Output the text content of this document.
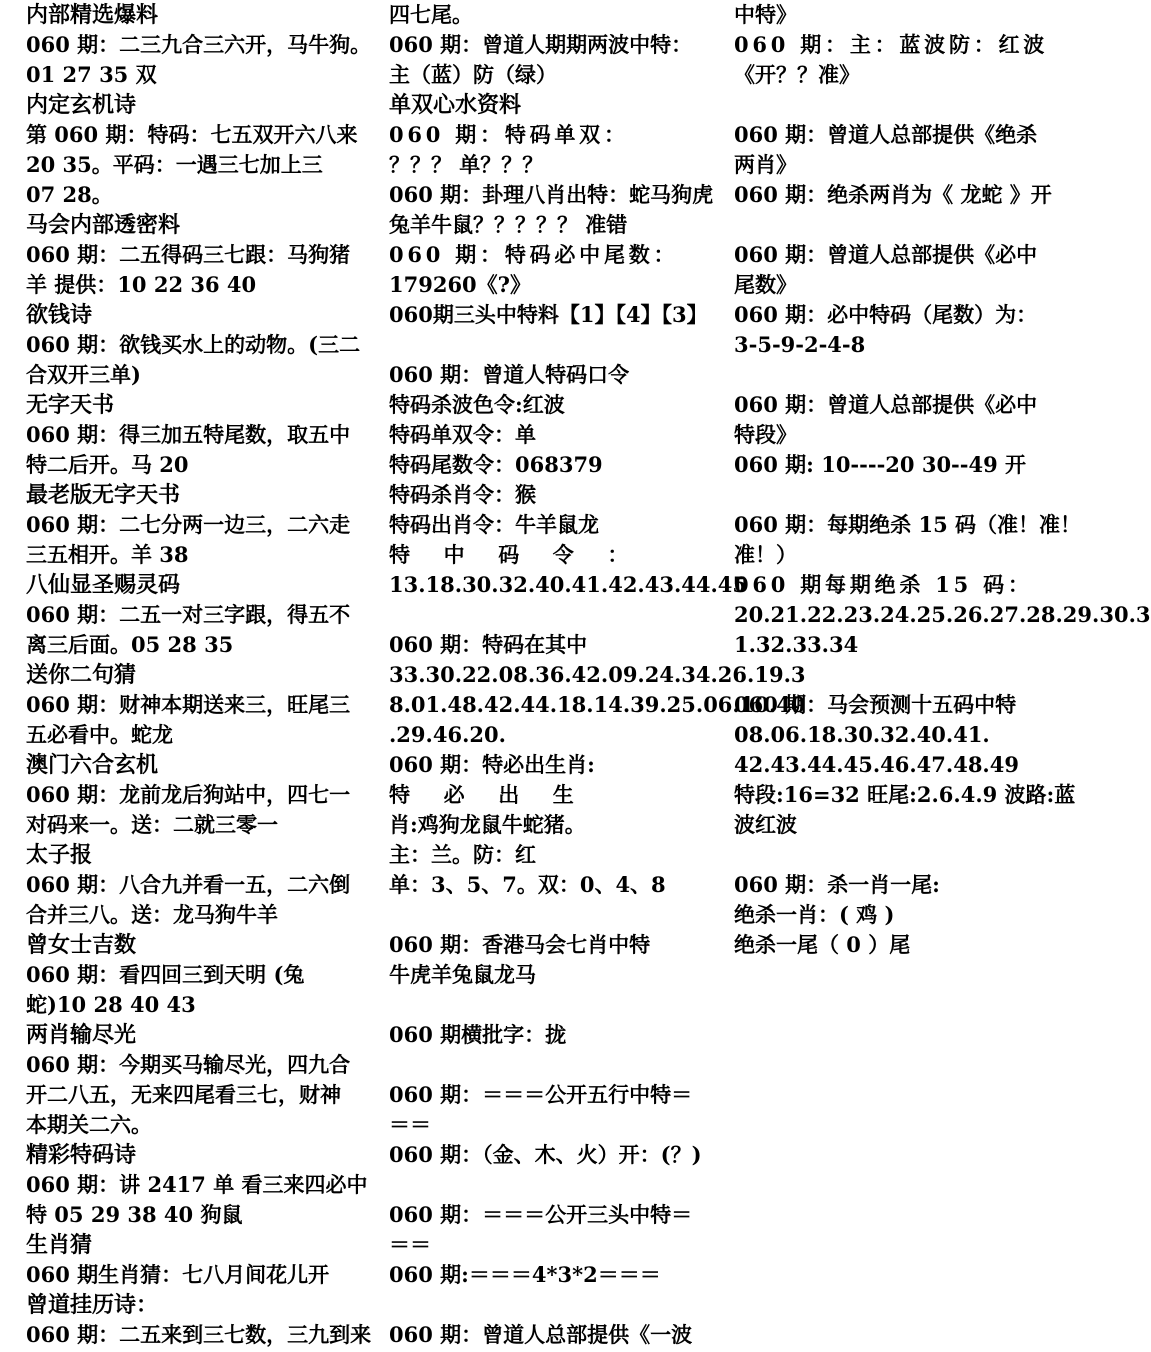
内部精选爆料
060 期：二三九合三六开，马牛狗。
01 27 35 双
内定玄机诗
第 060 期：特码：七五双开六八来
20 35。平码：一遇三七加上三
07 28。
马会内部透密料
060 期：二五得码三七跟：马狗猪
羊 提供：10 22 36 40
欲钱诗
060 期：欲钱买水上的动物。(三二
合双开三单)
无字天书
060 期：得三加五特尾数，取五中
特二后开。马 20
最老版无字天书
060 期：二七分两一边三，二六走
三五相开。羊 38
八仙显圣赐灵码
060 期：二五一对三字跟，得五不
离三后面。05 28 35
送你二句猜
060 期：财神本期送来三，旺尾三
五必看中。蛇龙
澳门六合玄机
060 期：龙前龙后狗站中，四七一
对码来一。送：二就三零一
太子报
060 期：八合九并看一五，二六倒
合并三八。送：龙马狗牛羊
曾女士吉数
060 期：看四回三到天明 (兔
蛇)10 28 40 43
两肖输尽光
060 期：今期买马输尽光，四九合
开二八五，无来四尾看三七，财神
本期关二六。
精彩特码诗
060 期：讲 2417 单 看三来四必中
特 05 29 38 40 狗鼠
生肖猜
060 期生肖猜：七八月间花儿开
曾道挂历诗：
060 期：二五来到三七数，三九到来
四七尾。
060 期：曾道人期期两波中特：
主（蓝）防（绿）
单双心水资料
060 期：特码单双：
？？？ 单？？？
060 期：卦理八肖出特：蛇马狗虎
兔羊牛鼠？？？？？ 准错
060 期：特码必中尾数：
179260《?》
060期三头中特料【1】【4】【3】
060 期：曾道人特码口令
特码杀波色令:红波
特码单双令：单
特码尾数令：068379
特码杀肖令：猴
特码出肖令：牛羊鼠龙
特中码令：
13.18.30.32.40.41.42.43.44.45
060 期：特码在其中
33.30.22.08.36.42.09.24.34.26.19.3
8.01.48.42.44.18.14.39.25.06.10.40
.29.46.20.
060 期：特必出生肖:
特必出生
肖:鸡狗龙鼠牛蛇猪。
主：兰。防：红
单：3、5、7。双：0、4、8
060 期：香港马会七肖中特
牛虎羊兔鼠龙马
060 期横批字：拢
060 期：＝＝＝公开五行中特＝
＝＝
060 期：（金、木、火）开：(？)
060 期：＝＝＝公开三头中特＝
＝＝
060 期:＝＝＝4*3*2＝＝＝
060 期：曾道人总部提供《一波
中特》
060 期：主：蓝波防：红波
《开？？准》
060 期：曾道人总部提供《绝杀
两肖》
060 期：绝杀两肖为《 龙蛇 》开
060 期：曾道人总部提供《必中
尾数》
060 期：必中特码（尾数）为：
3-5-9-2-4-8
060 期：曾道人总部提供《必中
特段》
060 期: 10----20 30--49 开
060 期：每期绝杀 15 码（准！准！
准！）
060 期每期绝杀 15 码：
20.21.22.23.24.25.26.27.28.29.30.3
1.32.33.34
060 期：马会预测十五码中特
08.06.18.30.32.40.41.
42.43.44.45.46.47.48.49
特段:16=32 旺尾:2.6.4.9 波路:蓝
波红波
060 期：杀一肖一尾:
绝杀一肖：( 鸡 )
绝杀一尾（ 0 ）尾
